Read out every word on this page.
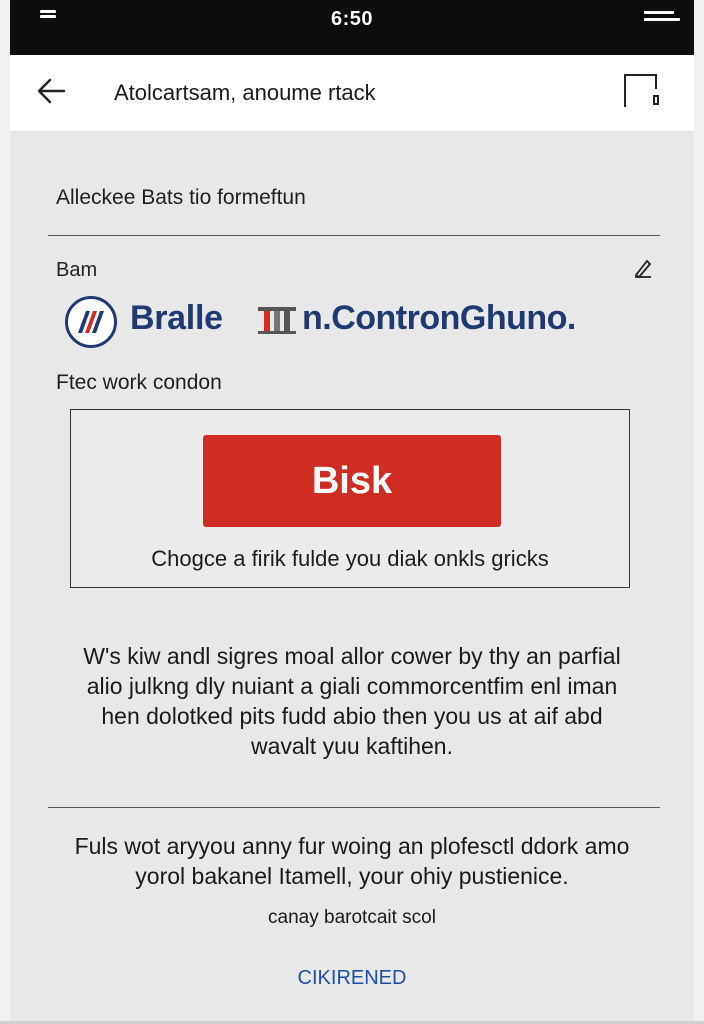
6:50
Atolcartsam, anoume rtack
Alleckee Bats tio formeftun
Bam
Bralle n.ContronGhuno.
Ftec work condon
Bisk
Chogce a firik fulde you diak onkls gricks
W's kiw andl sigres moal allor cower by thy an parfial
alio julkng dly nuiant a giali commorcentfim enl iman
hen dolotked pits fudd abio then you us at aif abd
wavalt yuu kaftihen.
Fuls wot aryyou anny fur woing an plofesctl ddork amo
yorol bakanel Itamell, your ohiy pustienice.
canay barotcait scol
CIKIRENED
